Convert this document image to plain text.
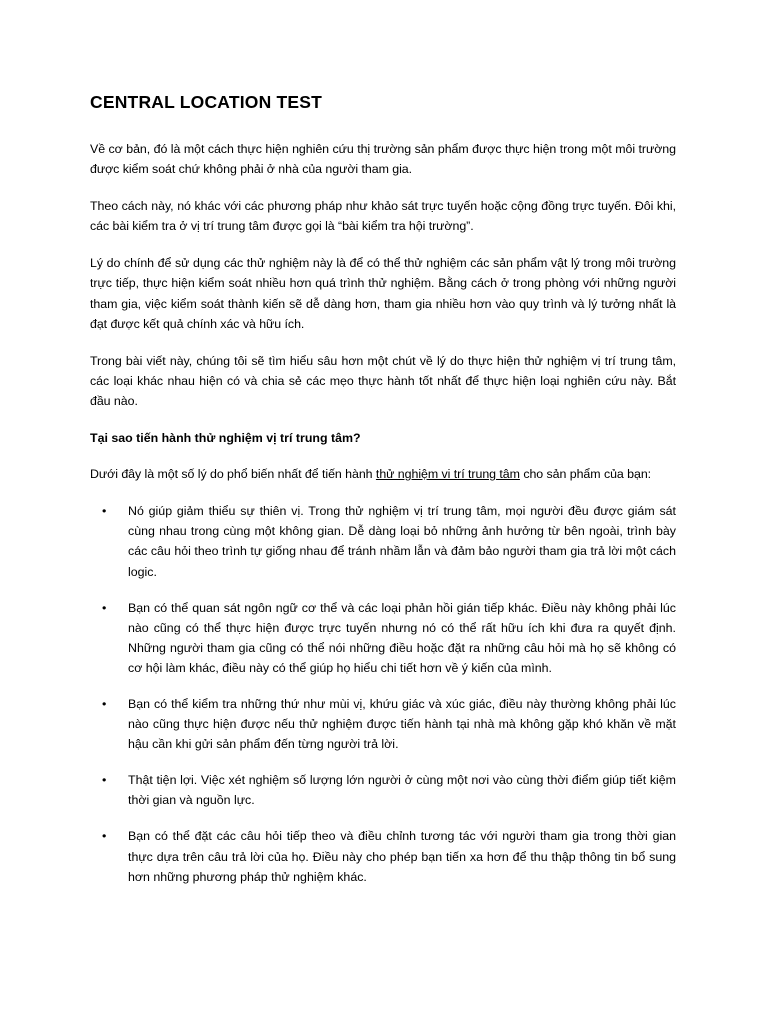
CENTRAL LOCATION TEST

Về cơ bản, đó là một cách thực hiện nghiên cứu thị trường sản phẩm được thực hiện trong một môi trường được kiểm soát chứ không phải ở nhà của người tham gia.

Theo cách này, nó khác với các phương pháp như khảo sát trực tuyến hoặc cộng đồng trực tuyến. Đôi khi, các bài kiểm tra ở vị trí trung tâm được gọi là “bài kiểm tra hội trường”.

Lý do chính để sử dụng các thử nghiệm này là để có thể thử nghiệm các sản phẩm vật lý trong môi trường trực tiếp, thực hiện kiểm soát nhiều hơn quá trình thử nghiệm. Bằng cách ở trong phòng với những người tham gia, việc kiểm soát thành kiến sẽ dễ dàng hơn, tham gia nhiều hơn vào quy trình và lý tưởng nhất là đạt được kết quả chính xác và hữu ích.

Trong bài viết này, chúng tôi sẽ tìm hiểu sâu hơn một chút về lý do thực hiện thử nghiệm vị trí trung tâm, các loại khác nhau hiện có và chia sẻ các mẹo thực hành tốt nhất để thực hiện loại nghiên cứu này. Bắt đầu nào.

Tại sao tiến hành thử nghiệm vị trí trung tâm?

Dưới đây là một số lý do phổ biến nhất để tiến hành thử nghiệm vi trí trung tâm cho sản phẩm của bạn:

• Nó giúp giảm thiểu sự thiên vị. Trong thử nghiệm vị trí trung tâm, mọi người đều được giám sát cùng nhau trong cùng một không gian. Dễ dàng loại bỏ những ảnh hưởng từ bên ngoài, trình bày các câu hỏi theo trình tự giống nhau để tránh nhầm lẫn và đảm bảo người tham gia trả lời một cách logic.
• Bạn có thể quan sát ngôn ngữ cơ thể và các loại phản hồi gián tiếp khác. Điều này không phải lúc nào cũng có thể thực hiện được trực tuyến nhưng nó có thể rất hữu ích khi đưa ra quyết định. Những người tham gia cũng có thể nói những điều hoặc đặt ra những câu hỏi mà họ sẽ không có cơ hội làm khác, điều này có thể giúp họ hiểu chi tiết hơn về ý kiến của mình.
• Bạn có thể kiểm tra những thứ như mùi vị, khứu giác và xúc giác, điều này thường không phải lúc nào cũng thực hiện được nếu thử nghiệm được tiến hành tại nhà mà không gặp khó khăn về mặt hậu cần khi gửi sản phẩm đến từng người trả lời.
• Thật tiện lợi. Việc xét nghiệm số lượng lớn người ở cùng một nơi vào cùng thời điểm giúp tiết kiệm thời gian và nguồn lực.
• Bạn có thể đặt các câu hỏi tiếp theo và điều chỉnh tương tác với người tham gia trong thời gian thực dựa trên câu trả lời của họ. Điều này cho phép bạn tiến xa hơn để thu thập thông tin bổ sung hơn những phương pháp thử nghiệm khác.
